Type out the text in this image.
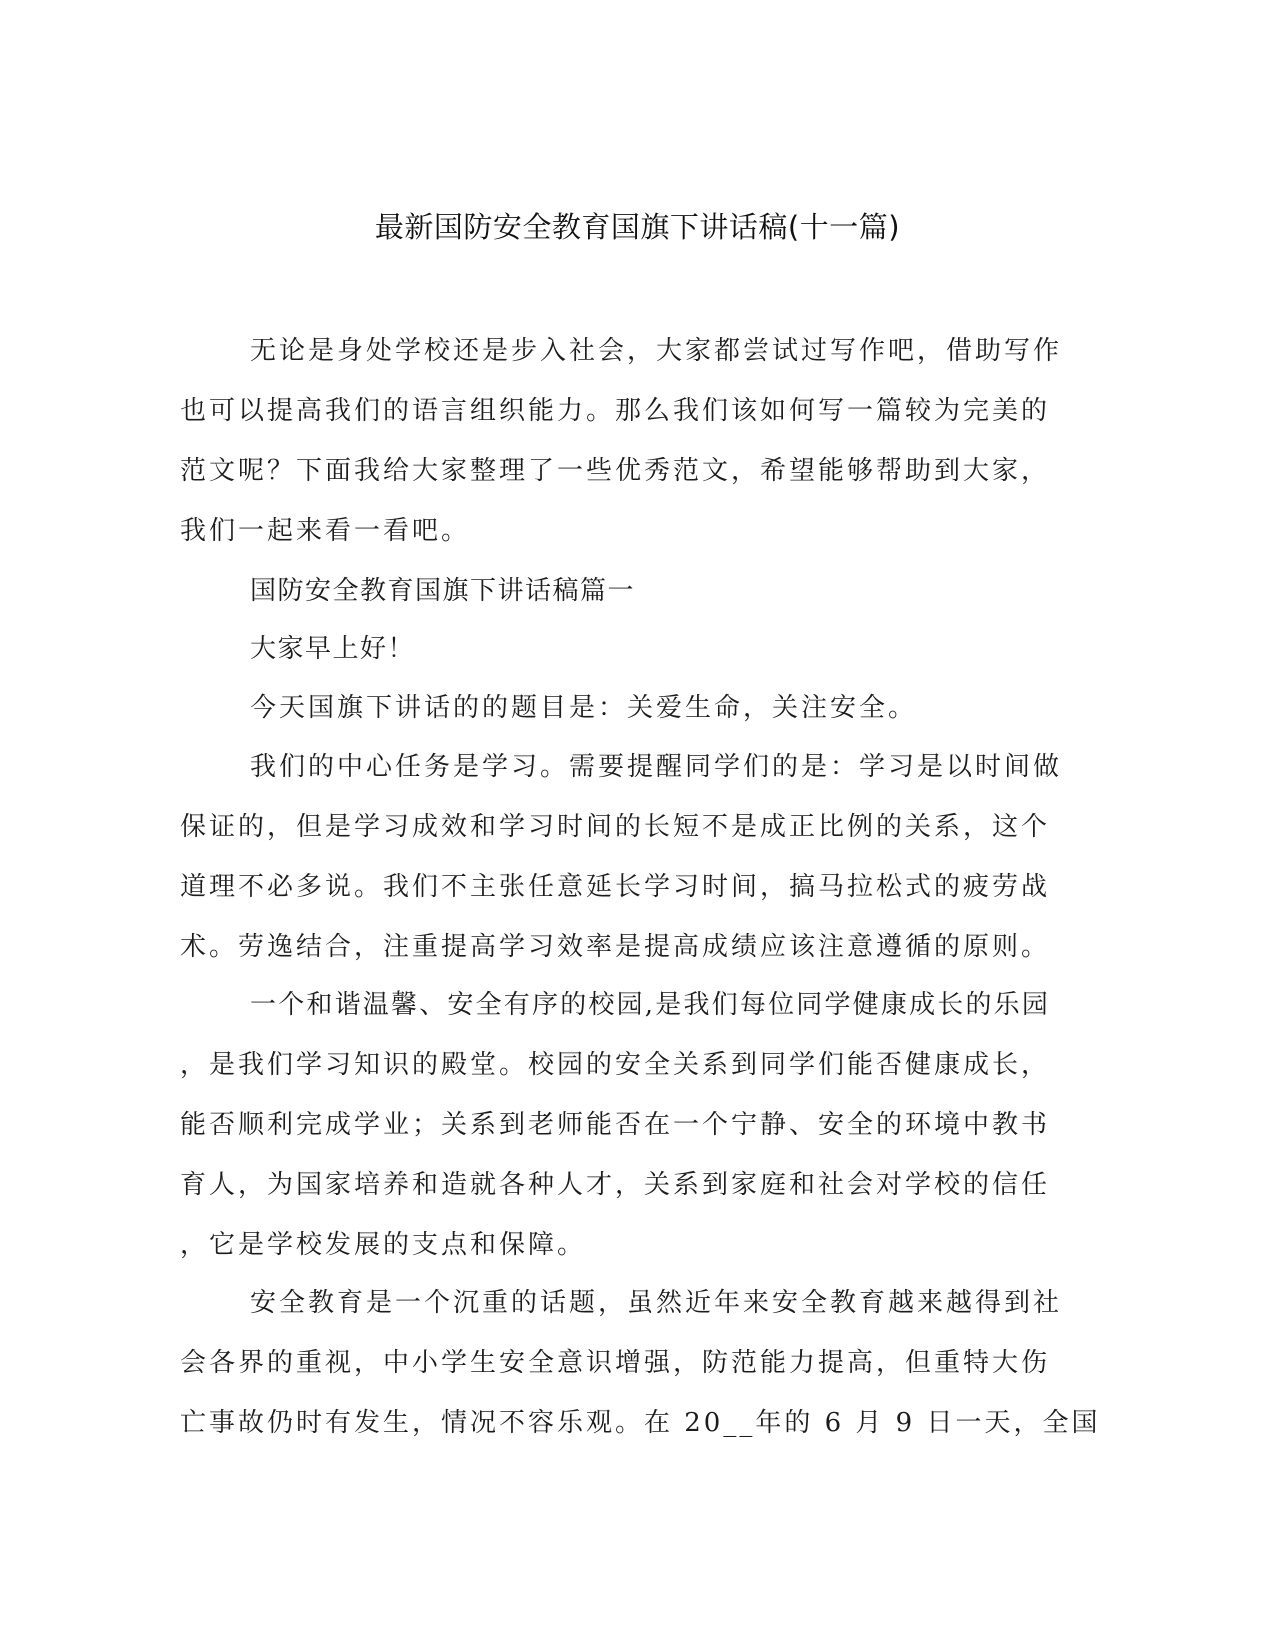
最新国防安全教育国旗下讲话稿(十一篇)
无论是身处学校还是步入社会，大家都尝试过写作吧，借助写作
也可以提高我们的语言组织能力。那么我们该如何写一篇较为完美的
范文呢？下面我给大家整理了一些优秀范文，希望能够帮助到大家，
我们一起来看一看吧。
国防安全教育国旗下讲话稿篇一
大家早上好！
今天国旗下讲话的的题目是：关爱生命，关注安全。
我们的中心任务是学习。需要提醒同学们的是：学习是以时间做
保证的，但是学习成效和学习时间的长短不是成正比例的关系，这个
道理不必多说。我们不主张任意延长学习时间，搞马拉松式的疲劳战
术。劳逸结合，注重提高学习效率是提高成绩应该注意遵循的原则。
一个和谐温馨、安全有序的校园,是我们每位同学健康成长的乐园
，是我们学习知识的殿堂。校园的安全关系到同学们能否健康成长，
能否顺利完成学业；关系到老师能否在一个宁静、安全的环境中教书
育人，为国家培养和造就各种人才，关系到家庭和社会对学校的信任
，它是学校发展的支点和保障。
安全教育是一个沉重的话题，虽然近年来安全教育越来越得到社
会各界的重视，中小学生安全意识增强，防范能力提高，但重特大伤
亡事故仍时有发生，情况不容乐观。在 20__年的 6 月 9 日一天，全国
